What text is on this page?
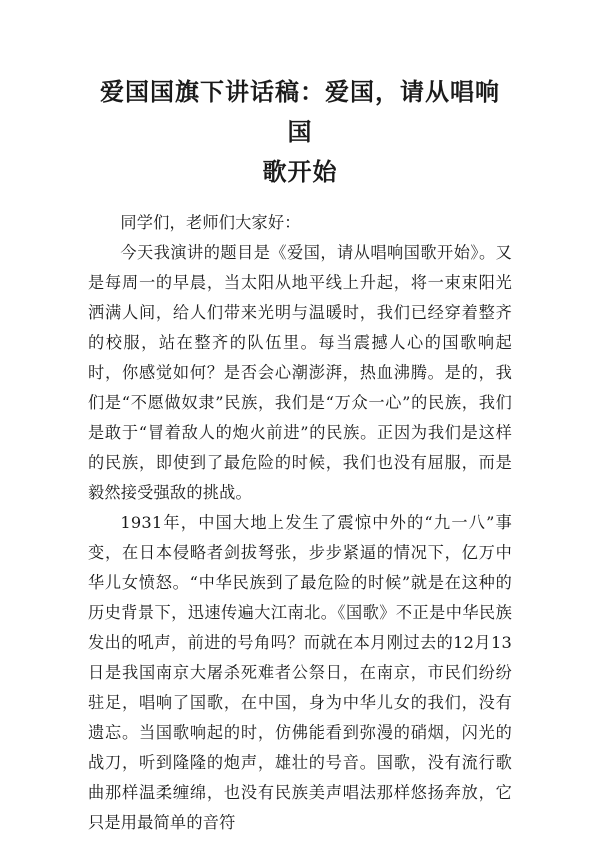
爱国国旗下讲话稿：爱国，请从唱响国
歌开始

同学们，老师们大家好：

今天我演讲的题目是《爱国，请从唱响国歌开始》。又是每周一的早晨，当太阳从地平线上升起，将一束束阳光洒满人间，给人们带来光明与温暖时，我们已经穿着整齐的校服，站在整齐的队伍里。每当震撼人心的国歌响起时，你感觉如何？是否会心潮澎湃，热血沸腾。是的，我们是“不愿做奴隶”民族，我们是“万众一心”的民族，我们是敢于“冒着敌人的炮火前进”的民族。正因为我们是这样的民族，即使到了最危险的时候，我们也没有屈服，而是毅然接受强敌的挑战。

1931年，中国大地上发生了震惊中外的“九一八”事变，在日本侵略者剑拔弩张，步步紧逼的情况下，亿万中华儿女愤怒。“中华民族到了最危险的时候”就是在这种的历史背景下，迅速传遍大江南北。《国歌》不正是中华民族发出的吼声，前进的号角吗？而就在本月刚过去的12月13日是我国南京大屠杀死难者公祭日，在南京，市民们纷纷驻足，唱响了国歌，在中国，身为中华儿女的我们，没有遗忘。当国歌响起的时，仿佛能看到弥漫的硝烟，闪光的战刀，听到隆隆的炮声，雄壮的号音。国歌，没有流行歌曲那样温柔缠绵，也没有民族美声唱法那样悠扬奔放，它只是用最简单的音符
